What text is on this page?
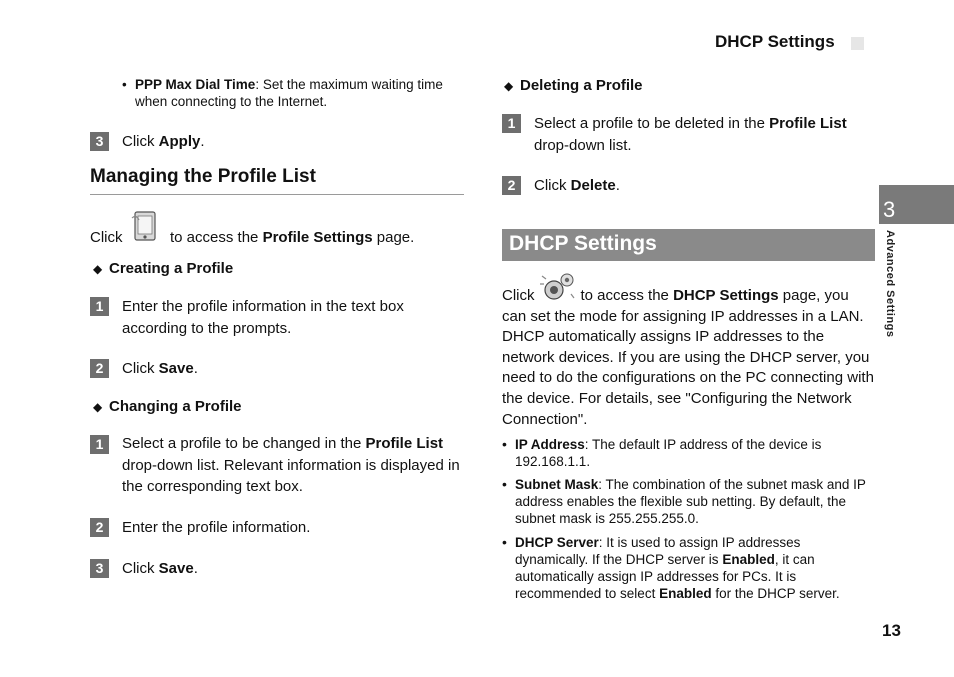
DHCP Settings
3
Advanced Settings
• PPP Max Dial Time: Set the maximum waiting time when connecting to the Internet.
3	Click Apply.
Managing the Profile List
Click	to access the Profile Settings page.
◆ Creating a Profile
1	Enter the profile information in the text box according to the prompts.
2	Click Save.
◆ Changing a Profile
1	Select a profile to be changed in the Profile List drop-down list. Relevant information is displayed in the corresponding text box.
2	Enter the profile information.
3	Click Save.
◆ Deleting a Profile
1	Select a profile to be deleted in the Profile List drop-down list.
2	Click Delete.
DHCP Settings
Click	to access the DHCP Settings page, you can set the mode for assigning IP addresses in a LAN. DHCP automatically assigns IP addresses to the network devices. If you are using the DHCP server, you need to do the configurations on the PC connecting with the device. For details, see "Configuring the Network Connection".
• IP Address: The default IP address of the device is 192.168.1.1.
• Subnet Mask: The combination of the subnet mask and IP address enables the flexible sub netting. By default, the subnet mask is 255.255.255.0.
• DHCP Server: It is used to assign IP addresses dynamically. If the DHCP server is Enabled, it can automatically assign IP addresses for PCs. It is recommended to select Enabled for the DHCP server.
13
